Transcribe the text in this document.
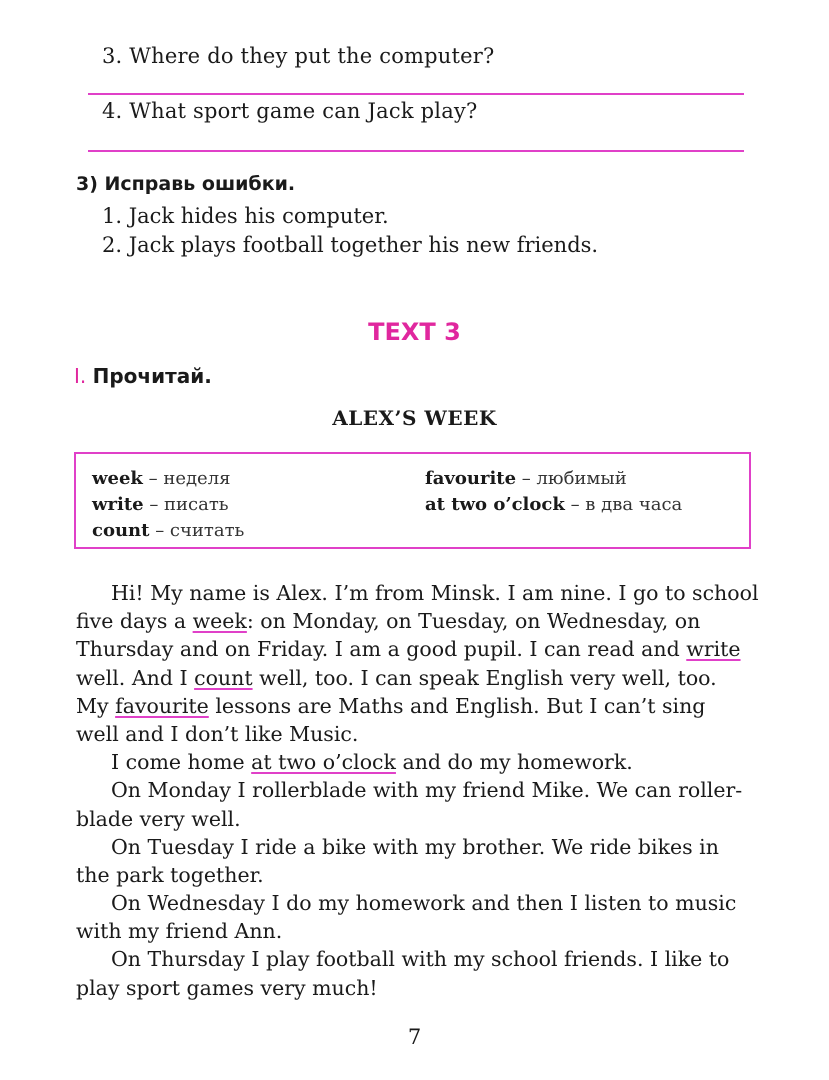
3. Where do they put the computer?
4. What sport game can Jack play?
3) Исправь ошибки.
1. Jack hides his computer.
2. Jack plays football together his new friends.
TEXT 3
I. Прочитай.
ALEX’S WEEK
week – неделя
write – писать
count – считать
favourite – любимый
at two o’clock – в два часа
Hi! My name is Alex. I’m from Minsk. I am nine. I go to school
five days a
week : on Monday, on Tuesday, on Wednesday, on
Thursday and on Friday. I am a good pupil. I can read and
write
well. And I
count
well, too. I can speak English very well, too.
My
favourite
lessons are Maths and English. But I can’t sing
well and I don’t like Music.
I come home
at two o’clock
and do my homework.
On Monday I rollerblade with my friend Mike. We can roller-
blade very well.
On Tuesday I ride a bike with my brother. We ride bikes in
the park together.
On Wednesday I do my homework and then I listen to music
with my friend Ann.
On Thursday I play football with my school friends. I like to
play sport games very much!
7
